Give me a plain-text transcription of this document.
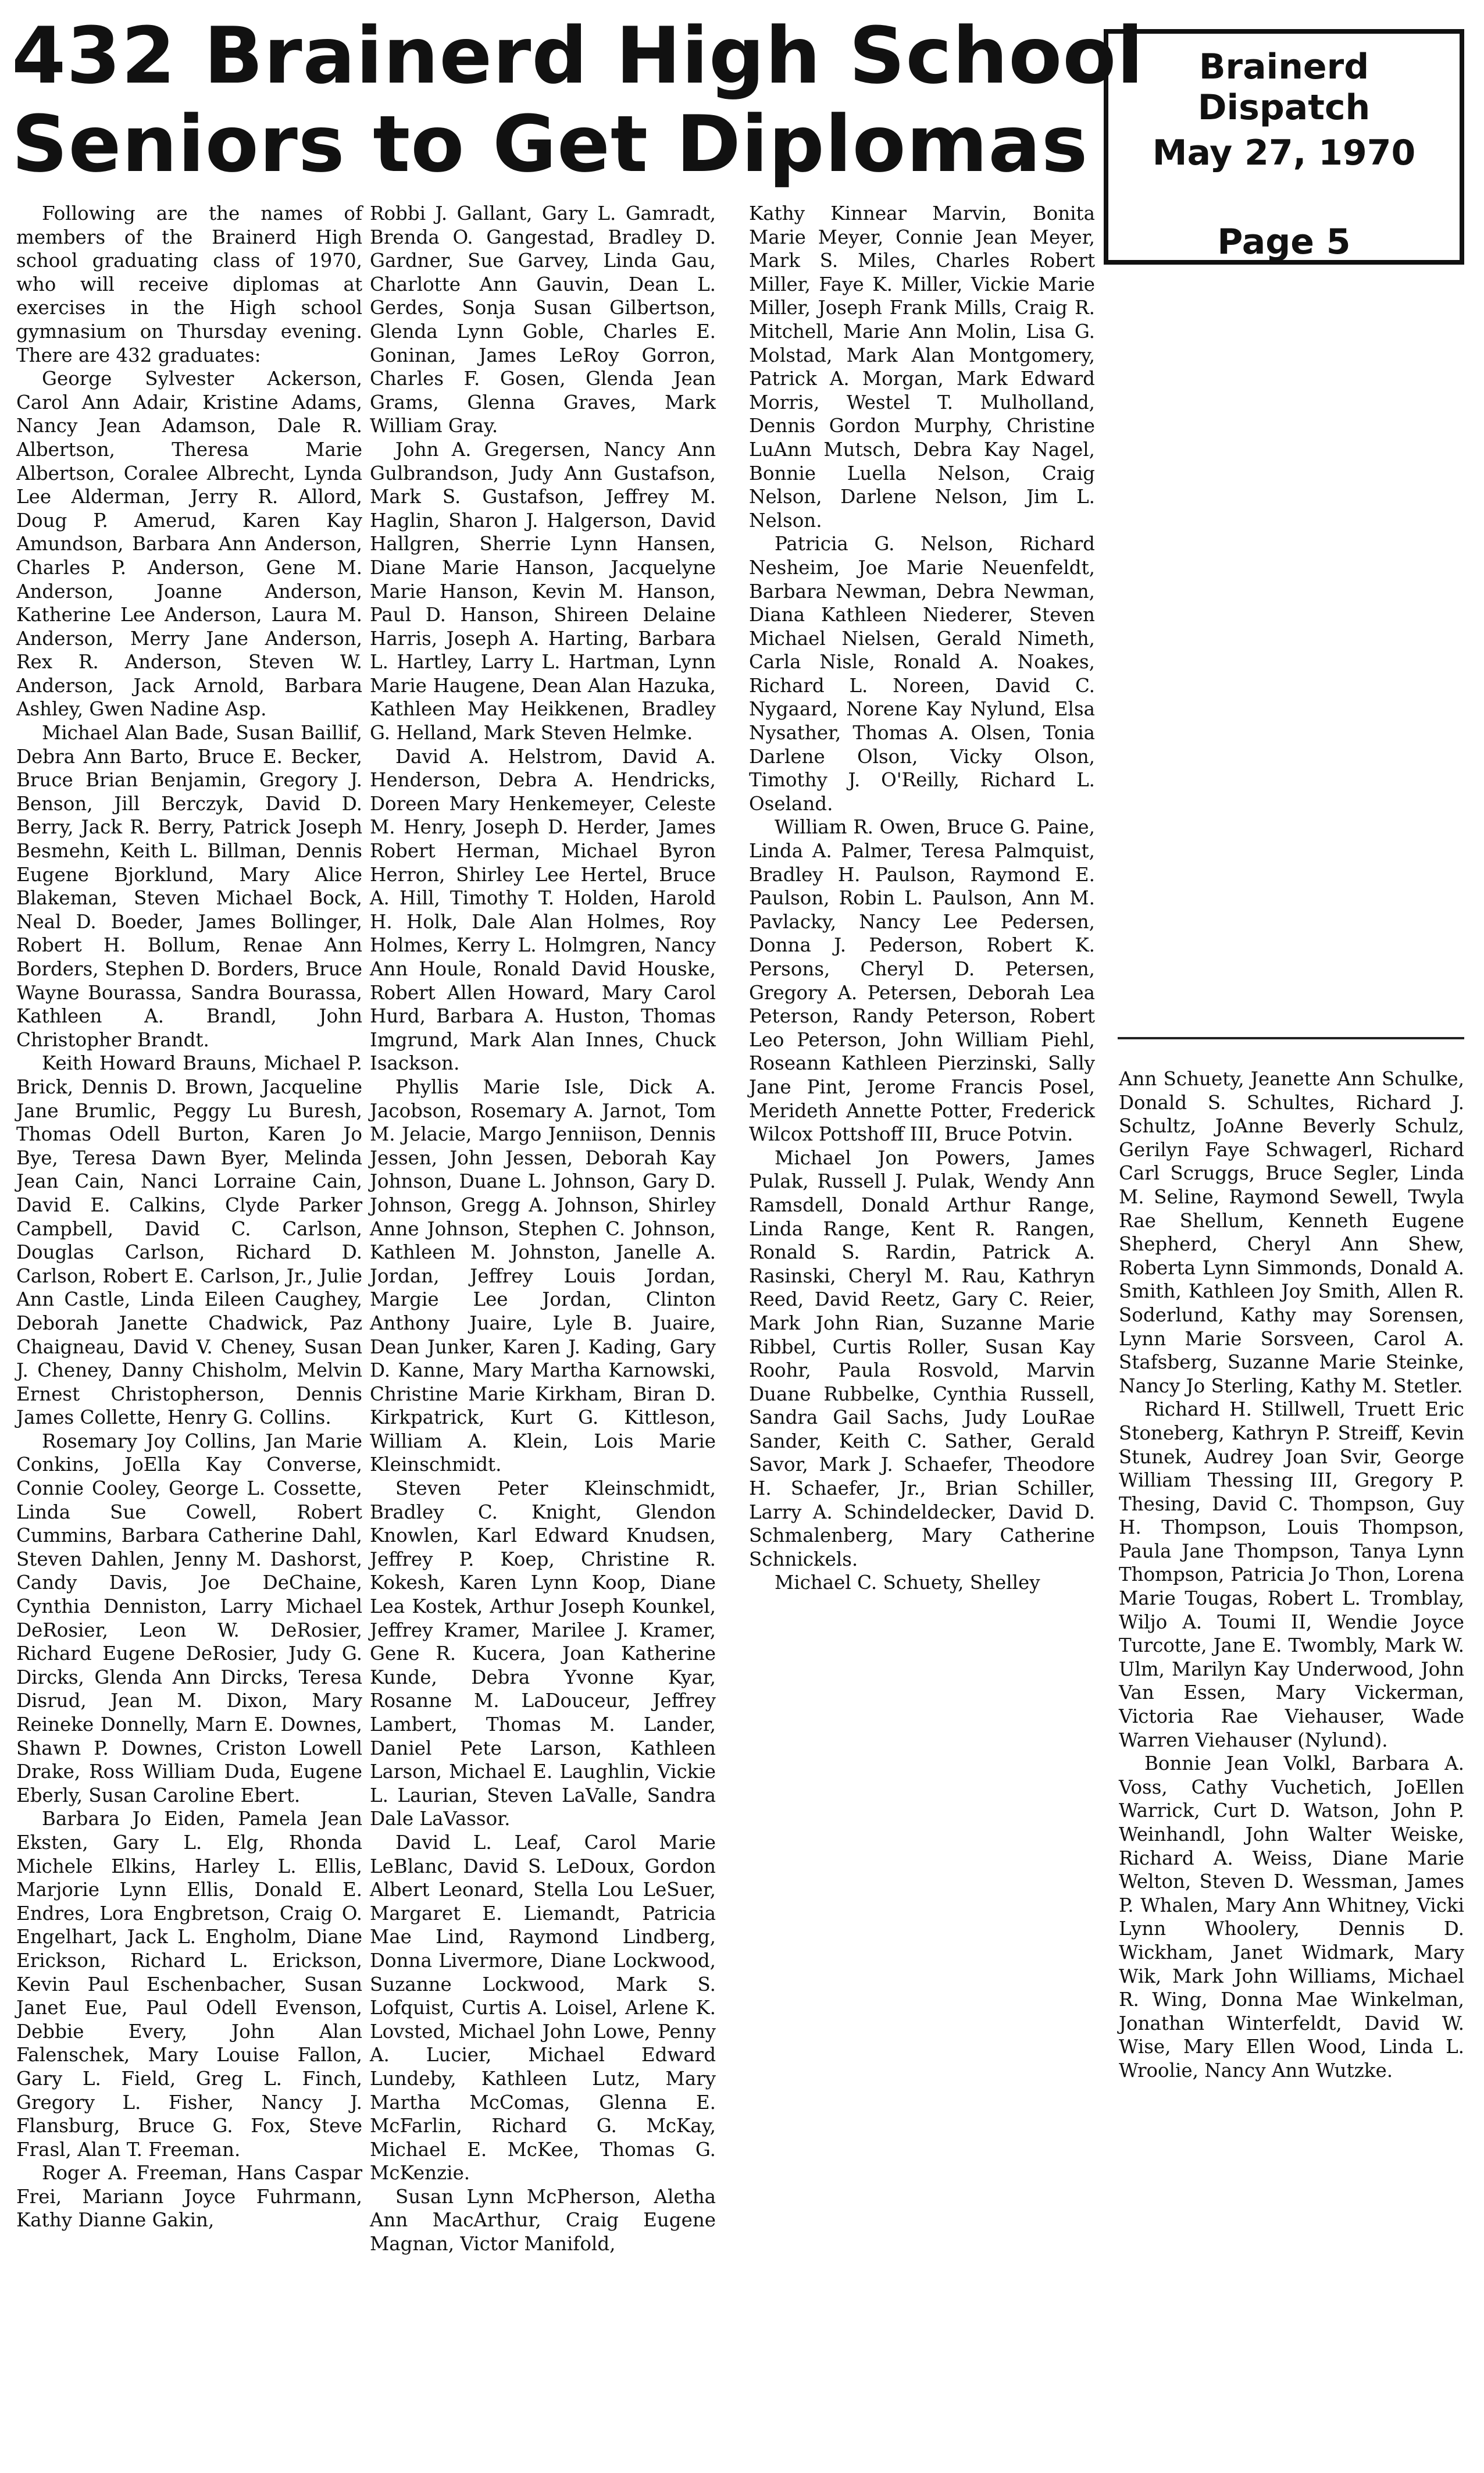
432 Brainerd High School
Seniors to Get Diplomas
Brainerd Dispatch
May 27, 1970
Page 5

Following are the names of members of the Brainerd High school graduating class of 1970, who will receive diplomas at exercises in the High school gymnasium on Thursday evening. There are 432 graduates:

George Sylvester Ackerson, Carol Ann Adair, Kristine Adams, Nancy Jean Adamson, Dale R. Albertson, Theresa Marie Albertson, Coralee Albrecht, Lynda Lee Alderman, Jerry R. Allord, Doug P. Amerud, Karen Kay Amundson, Barbara Ann Anderson, Charles P. Anderson, Gene M. Anderson, Joanne Anderson, Katherine Lee Anderson, Laura M. Anderson, Merry Jane Anderson, Rex R. Anderson, Steven W. Anderson, Jack Arnold, Barbara Ashley, Gwen Nadine Asp.

Michael Alan Bade, Susan Baillif, Debra Ann Barto, Bruce E. Becker, Bruce Brian Benjamin, Gregory J. Benson, Jill Berczyk, David D. Berry, Jack R. Berry, Patrick Joseph Besmehn, Keith L. Billman, Dennis Eugene Bjorklund, Mary Alice Blakeman, Steven Michael Bock, Neal D. Boeder, James Bollinger, Robert H. Bollum, Renae Ann Borders, Stephen D. Borders, Bruce Wayne Bourassa, Sandra Bourassa, Kathleen A. Brandl, John Christopher Brandt.

Keith Howard Brauns, Michael P. Brick, Dennis D. Brown, Jacqueline Jane Brumlic, Peggy Lu Buresh, Thomas Odell Burton, Karen Jo Bye, Teresa Dawn Byer, Melinda Jean Cain, Nanci Lorraine Cain, David E. Calkins, Clyde Parker Campbell, David C. Carlson, Douglas Carlson, Richard D. Carlson, Robert E. Carlson, Jr., Julie Ann Castle, Linda Eileen Caughey, Deborah Janette Chadwick, Paz Chaigneau, David V. Cheney, Susan J. Cheney, Danny Chisholm, Melvin Ernest Christopherson, Dennis James Collette, Henry G. Collins.

Rosemary Joy Collins, Jan Marie Conkins, JoElla Kay Converse, Connie Cooley, George L. Cossette, Linda Sue Cowell, Robert Cummins, Barbara Catherine Dahl, Steven Dahlen, Jenny M. Dashorst, Candy Davis, Joe DeChaine, Cynthia Denniston, Larry Michael DeRosier, Leon W. DeRosier, Richard Eugene DeRosier, Judy G. Dircks, Glenda Ann Dircks, Teresa Disrud, Jean M. Dixon, Mary Reineke Donnelly, Marn E. Downes, Shawn P. Downes, Criston Lowell Drake, Ross William Duda, Eugene Eberly, Susan Caroline Ebert.

Barbara Jo Eiden, Pamela Jean Eksten, Gary L. Elg, Rhonda Michele Elkins, Harley L. Ellis, Marjorie Lynn Ellis, Donald E. Endres, Lora Engbretson, Craig O. Engelhart, Jack L. Engholm, Diane Erickson, Richard L. Erickson, Kevin Paul Eschenbacher, Susan Janet Eue, Paul Odell Evenson, Debbie Every, John Alan Falenschek, Mary Louise Fallon, Gary L. Field, Greg L. Finch, Gregory L. Fisher, Nancy J. Flansburg, Bruce G. Fox, Steve Frasl, Alan T. Freeman.

Roger A. Freeman, Hans Caspar Frei, Mariann Joyce Fuhrmann, Kathy Dianne Gakin,

Robbi J. Gallant, Gary L. Gamradt, Brenda O. Gangestad, Bradley D. Gardner, Sue Garvey, Linda Gau, Charlotte Ann Gauvin, Dean L. Gerdes, Sonja Susan Gilbertson, Glenda Lynn Goble, Charles E. Goninan, James LeRoy Gorron, Charles F. Gosen, Glenda Jean Grams, Glenna Graves, Mark William Gray.

John A. Gregersen, Nancy Ann Gulbrandson, Judy Ann Gustafson, Mark S. Gustafson, Jeffrey M. Haglin, Sharon J. Halgerson, David Hallgren, Sherrie Lynn Hansen, Diane Marie Hanson, Jacquelyne Marie Hanson, Kevin M. Hanson, Paul D. Hanson, Shireen Delaine Harris, Joseph A. Harting, Barbara L. Hartley, Larry L. Hartman, Lynn Marie Haugene, Dean Alan Hazuka, Kathleen May Heikkenen, Bradley G. Helland, Mark Steven Helmke.

David A. Helstrom, David A. Henderson, Debra A. Hendricks, Doreen Mary Henkemeyer, Celeste M. Henry, Joseph D. Herder, James Robert Herman, Michael Byron Herron, Shirley Lee Hertel, Bruce A. Hill, Timothy T. Holden, Harold H. Holk, Dale Alan Holmes, Roy Holmes, Kerry L. Holmgren, Nancy Ann Houle, Ronald David Houske, Robert Allen Howard, Mary Carol Hurd, Barbara A. Huston, Thomas Imgrund, Mark Alan Innes, Chuck Isackson.

Phyllis Marie Isle, Dick A. Jacobson, Rosemary A. Jarnot, Tom M. Jelacie, Margo Jenniison, Dennis Jessen, John Jessen, Deborah Kay Johnson, Duane L. Johnson, Gary D. Johnson, Gregg A. Johnson, Shirley Anne Johnson, Stephen C. Johnson, Kathleen M. Johnston, Janelle A. Jordan, Jeffrey Louis Jordan, Margie Lee Jordan, Clinton Anthony Juaire, Lyle B. Juaire, Dean Junker, Karen J. Kading, Gary D. Kanne, Mary Martha Karnowski, Christine Marie Kirkham, Biran D. Kirkpatrick, Kurt G. Kittleson, William A. Klein, Lois Marie Kleinschmidt.

Steven Peter Kleinschmidt, Bradley C. Knight, Glendon Knowlen, Karl Edward Knudsen, Jeffrey P. Koep, Christine R. Kokesh, Karen Lynn Koop, Diane Lea Kostek, Arthur Joseph Kounkel, Jeffrey Kramer, Marilee J. Kramer, Gene R. Kucera, Joan Katherine Kunde, Debra Yvonne Kyar, Rosanne M. LaDouceur, Jeffrey Lambert, Thomas M. Lander, Daniel Pete Larson, Kathleen Larson, Michael E. Laughlin, Vickie L. Laurian, Steven LaValle, Sandra Dale LaVassor.

David L. Leaf, Carol Marie LeBlanc, David S. LeDoux, Gordon Albert Leonard, Stella Lou LeSuer, Margaret E. Liemandt, Patricia Mae Lind, Raymond Lindberg, Donna Livermore, Diane Lockwood, Suzanne Lockwood, Mark S. Lofquist, Curtis A. Loisel, Arlene K. Lovsted, Michael John Lowe, Penny A. Lucier, Michael Edward Lundeby, Kathleen Lutz, Mary Martha McComas, Glenna E. McFarlin, Richard G. McKay, Michael E. McKee, Thomas G. McKenzie.

Susan Lynn McPherson, Aletha Ann MacArthur, Craig Eugene Magnan, Victor Manifold,

Kathy Kinnear Marvin, Bonita Marie Meyer, Connie Jean Meyer, Mark S. Miles, Charles Robert Miller, Faye K. Miller, Vickie Marie Miller, Joseph Frank Mills, Craig R. Mitchell, Marie Ann Molin, Lisa G. Molstad, Mark Alan Montgomery, Patrick A. Morgan, Mark Edward Morris, Westel T. Mulholland, Dennis Gordon Murphy, Christine LuAnn Mutsch, Debra Kay Nagel, Bonnie Luella Nelson, Craig Nelson, Darlene Nelson, Jim L. Nelson.

Patricia G. Nelson, Richard Nesheim, Joe Marie Neuenfeldt, Barbara Newman, Debra Newman, Diana Kathleen Niederer, Steven Michael Nielsen, Gerald Nimeth, Carla Nisle, Ronald A. Noakes, Richard L. Noreen, David C. Nygaard, Norene Kay Nylund, Elsa Nysather, Thomas A. Olsen, Tonia Darlene Olson, Vicky Olson, Timothy J. O'Reilly, Richard L. Oseland.

William R. Owen, Bruce G. Paine, Linda A. Palmer, Teresa Palmquist, Bradley H. Paulson, Raymond E. Paulson, Robin L. Paulson, Ann M. Pavlacky, Nancy Lee Pedersen, Donna J. Pederson, Robert K. Persons, Cheryl D. Petersen, Gregory A. Petersen, Deborah Lea Peterson, Randy Peterson, Robert Leo Peterson, John William Piehl, Roseann Kathleen Pierzinski, Sally Jane Pint, Jerome Francis Posel, Merideth Annette Potter, Frederick Wilcox Pottshoff III, Bruce Potvin.

Michael Jon Powers, James Pulak, Russell J. Pulak, Wendy Ann Ramsdell, Donald Arthur Range, Linda Range, Kent R. Rangen, Ronald S. Rardin, Patrick A. Rasinski, Cheryl M. Rau, Kathryn Reed, David Reetz, Gary C. Reier, Mark John Rian, Suzanne Marie Ribbel, Curtis Roller, Susan Kay Roohr, Paula Rosvold, Marvin Duane Rubbelke, Cynthia Russell, Sandra Gail Sachs, Judy LouRae Sander, Keith C. Sather, Gerald Savor, Mark J. Schaefer, Theodore H. Schaefer, Jr., Brian Schiller, Larry A. Schindeldecker, David D. Schmalenberg, Mary Catherine Schnickels.

Michael C. Schuety, Shelley

Ann Schuety, Jeanette Ann Schulke, Donald S. Schultes, Richard J. Schultz, JoAnne Beverly Schulz, Gerilyn Faye Schwagerl, Richard Carl Scruggs, Bruce Segler, Linda M. Seline, Raymond Sewell, Twyla Rae Shellum, Kenneth Eugene Shepherd, Cheryl Ann Shew, Roberta Lynn Simmonds, Donald A. Smith, Kathleen Joy Smith, Allen R. Soderlund, Kathy may Sorensen, Lynn Marie Sorsveen, Carol A. Stafsberg, Suzanne Marie Steinke, Nancy Jo Sterling, Kathy M. Stetler.

Richard H. Stillwell, Truett Eric Stoneberg, Kathryn P. Streiff, Kevin Stunek, Audrey Joan Svir, George William Thessing III, Gregory P. Thesing, David C. Thompson, Guy H. Thompson, Louis Thompson, Paula Jane Thompson, Tanya Lynn Thompson, Patricia Jo Thon, Lorena Marie Tougas, Robert L. Tromblay, Wiljo A. Toumi II, Wendie Joyce Turcotte, Jane E. Twombly, Mark W. Ulm, Marilyn Kay Underwood, John Van Essen, Mary Vickerman, Victoria Rae Viehauser, Wade Warren Viehauser (Nylund).

Bonnie Jean Volkl, Barbara A. Voss, Cathy Vuchetich, JoEllen Warrick, Curt D. Watson, John P. Weinhandl, John Walter Weiske, Richard A. Weiss, Diane Marie Welton, Steven D. Wessman, James P. Whalen, Mary Ann Whitney, Vicki Lynn Whoolery, Dennis D. Wickham, Janet Widmark, Mary Wik, Mark John Williams, Michael R. Wing, Donna Mae Winkelman, Jonathan Winterfeldt, David W. Wise, Mary Ellen Wood, Linda L. Wroolie, Nancy Ann Wutzke.
